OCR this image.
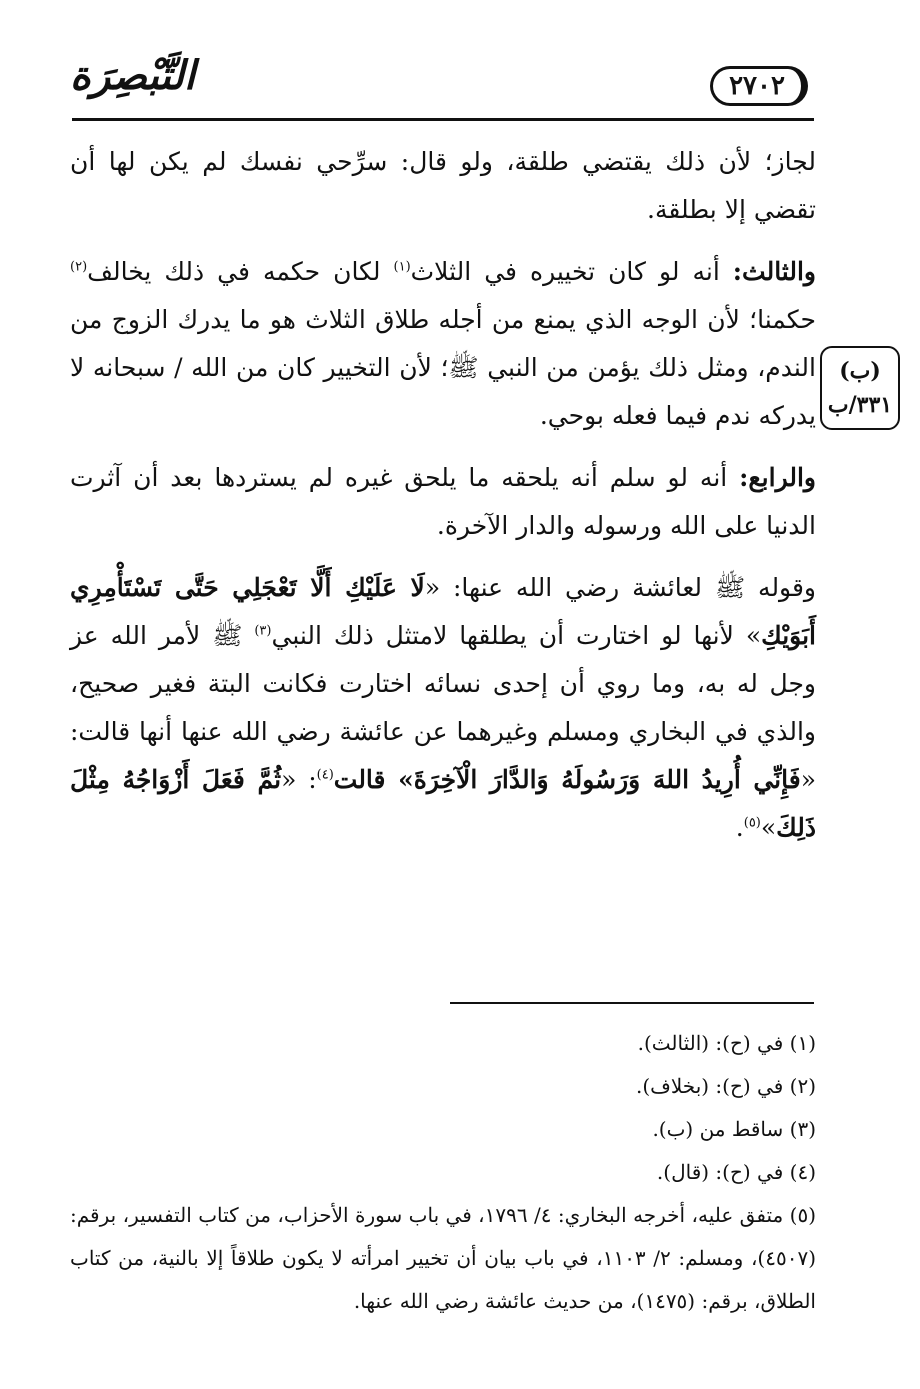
التَّبْصِرَة	٢٧٠٢
(ب)
٣٣١/ب

لجاز؛ لأن ذلك يقتضي طلقة، ولو قال: سرِّحي نفسك لم يكن لها أن تقضي إلا بطلقة.

والثالث: أنه لو كان تخييره في الثلاث$^{(١)}$ لكان حكمه في ذلك يخالف$^{(٢)}$ حكمنا؛ لأن الوجه الذي يمنع من أجله طلاق الثلاث هو ما يدرك الزوج من الندم، ومثل ذلك يؤمن من النبي ﷺ؛ لأن التخيير كان من الله / سبحانه لا يدركه ندم فيما فعله بوحي.

والرابع: أنه لو سلم أنه يلحقه ما يلحق غيره لم يستردها بعد أن آثرت الدنيا على الله ورسوله والدار الآخرة.

وقوله ﷺ لعائشة رضي الله عنها: «لَا عَلَيْكِ أَلَّا تَعْجَلِي حَتَّى تَسْتَأْمِرِي أَبَوَيْكِ» لأنها لو اختارت أن يطلقها لامتثل ذلك النبي$^{(٣)}$ ﷺ لأمر الله عز وجل له به، وما روي أن إحدى نسائه اختارت فكانت البتة فغير صحيح، والذي في البخاري ومسلم وغيرهما عن عائشة رضي الله عنها أنها قالت: «فَإِنِّي أُرِيدُ اللهَ وَرَسُولَهُ وَالدَّارَ الْآخِرَةَ» قالت$^{(٤)}$: «ثُمَّ فَعَلَ أَزْوَاجُهُ مِثْلَ ذَلِكَ»$^{(٥)}$.

(١) في (ح): (الثالث).

(٢) في (ح): (بخلاف).

(٣) ساقط من (ب).

(٤) في (ح): (قال).

(٥) متفق عليه، أخرجه البخاري: ٤/ ١٧٩٦، في باب سورة الأحزاب، من كتاب التفسير، برقم: (٤٥٠٧)، ومسلم: ٢/ ١١٠٣، في باب بيان أن تخيير امرأته لا يكون طلاقاً إلا بالنية، من كتاب الطلاق، برقم: (١٤٧٥)، من حديث عائشة رضي الله عنها.
